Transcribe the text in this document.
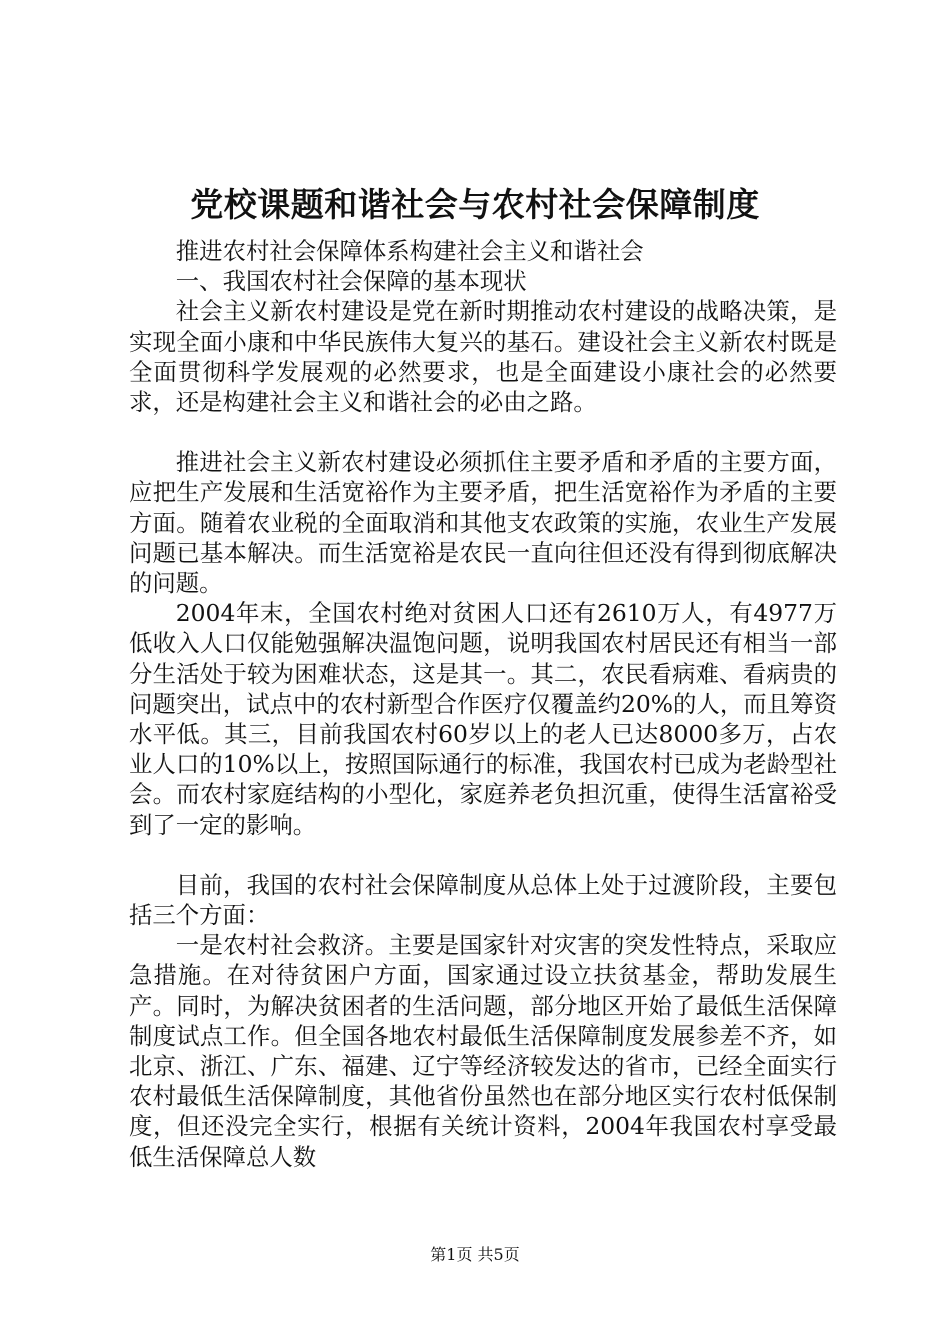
党校课题和谐社会与农村社会保障制度

推进农村社会保障体系构建社会主义和谐社会

一、我国农村社会保障的基本现状

社会主义新农村建设是党在新时期推动农村建设的战略决策，是实现全面小康和中华民族伟大复兴的基石。建设社会主义新农村既是全面贯彻科学发展观的必然要求，也是全面建设小康社会的必然要求，还是构建社会主义和谐社会的必由之路。

推进社会主义新农村建设必须抓住主要矛盾和矛盾的主要方面，应把生产发展和生活宽裕作为主要矛盾，把生活宽裕作为矛盾的主要方面。随着农业税的全面取消和其他支农政策的实施，农业生产发展问题已基本解决。而生活宽裕是农民一直向往但还没有得到彻底解决的问题。

2004年末，全国农村绝对贫困人口还有2610万人，有4977万低收入人口仅能勉强解决温饱问题，说明我国农村居民还有相当一部分生活处于较为困难状态，这是其一。其二，农民看病难、看病贵的问题突出，试点中的农村新型合作医疗仅覆盖约20%的人，而且筹资水平低。其三，目前我国农村60岁以上的老人已达8000多万，占农业人口的10%以上，按照国际通行的标准，我国农村已成为老龄型社会。而农村家庭结构的小型化，家庭养老负担沉重，使得生活富裕受到了一定的影响。

目前，我国的农村社会保障制度从总体上处于过渡阶段，主要包括三个方面：

一是农村社会救济。主要是国家针对灾害的突发性特点，采取应急措施。在对待贫困户方面，国家通过设立扶贫基金，帮助发展生产。同时，为解决贫困者的生活问题，部分地区开始了最低生活保障制度试点工作。但全国各地农村最低生活保障制度发展参差不齐，如北京、浙江、广东、福建、辽宁等经济较发达的省市，已经全面实行农村最低生活保障制度，其他省份虽然也在部分地区实行农村低保制度，但还没完全实行，根据有关统计资料，2004年我国农村享受最低生活保障总人数

第1页 共5页
